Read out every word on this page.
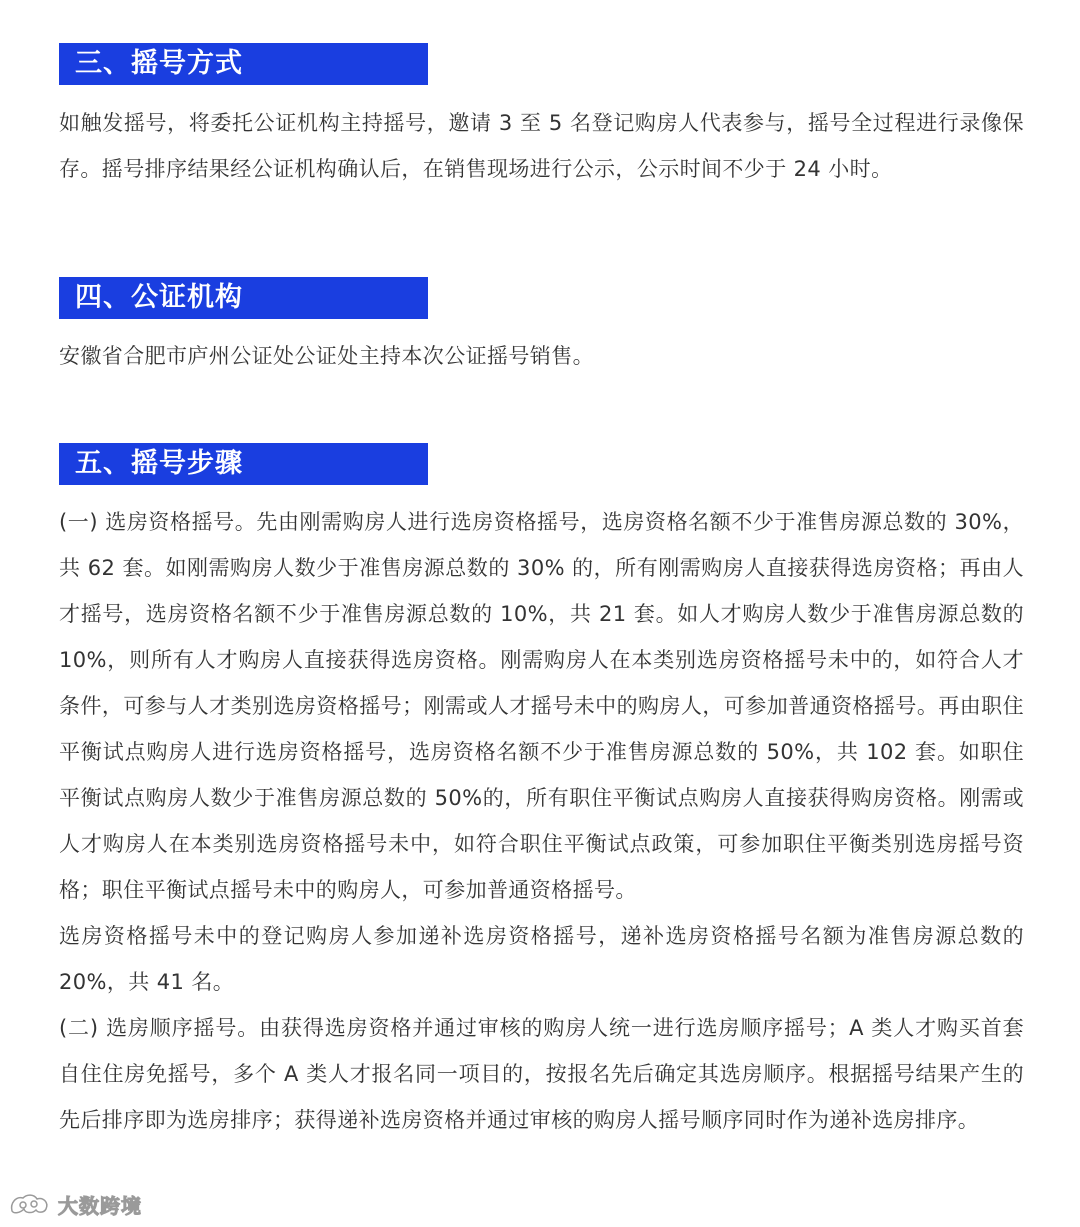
三、摇号方式

如触发摇号，将委托公证机构主持摇号，邀请 3 至 5 名登记购房人代表参与，摇号全过程进行录像保存。摇号排序结果经公证机构确认后，在销售现场进行公示，公示时间不少于 24 小时。

四、公证机构

安徽省合肥市庐州公证处公证处主持本次公证摇号销售。

五、摇号步骤

(一) 选房资格摇号。先由刚需购房人进行选房资格摇号，选房资格名额不少于准售房源总数的 30%，共 62 套。如刚需购房人数少于准售房源总数的 30% 的，所有刚需购房人直接获得选房资格；再由人才摇号，选房资格名额不少于准售房源总数的 10%，共 21 套。如人才购房人数少于准售房源总数的 10%，则所有人才购房人直接获得选房资格。刚需购房人在本类别选房资格摇号未中的，如符合人才条件，可参与人才类别选房资格摇号；刚需或人才摇号未中的购房人，可参加普通资格摇号。再由职住平衡试点购房人进行选房资格摇号，选房资格名额不少于准售房源总数的 50%，共 102 套。如职住平衡试点购房人数少于准售房源总数的 50%的，所有职住平衡试点购房人直接获得购房资格。刚需或人才购房人在本类别选房资格摇号未中，如符合职住平衡试点政策，可参加职住平衡类别选房摇号资格；职住平衡试点摇号未中的购房人，可参加普通资格摇号。

选房资格摇号未中的登记购房人参加递补选房资格摇号，递补选房资格摇号名额为准售房源总数的 20%，共 41 名。

(二) 选房顺序摇号。由获得选房资格并通过审核的购房人统一进行选房顺序摇号；A 类人才购买首套自住住房免摇号，多个 A 类人才报名同一项目的，按报名先后确定其选房顺序。根据摇号结果产生的先后排序即为选房排序；获得递补选房资格并通过审核的购房人摇号顺序同时作为递补选房排序。

大数跨境
